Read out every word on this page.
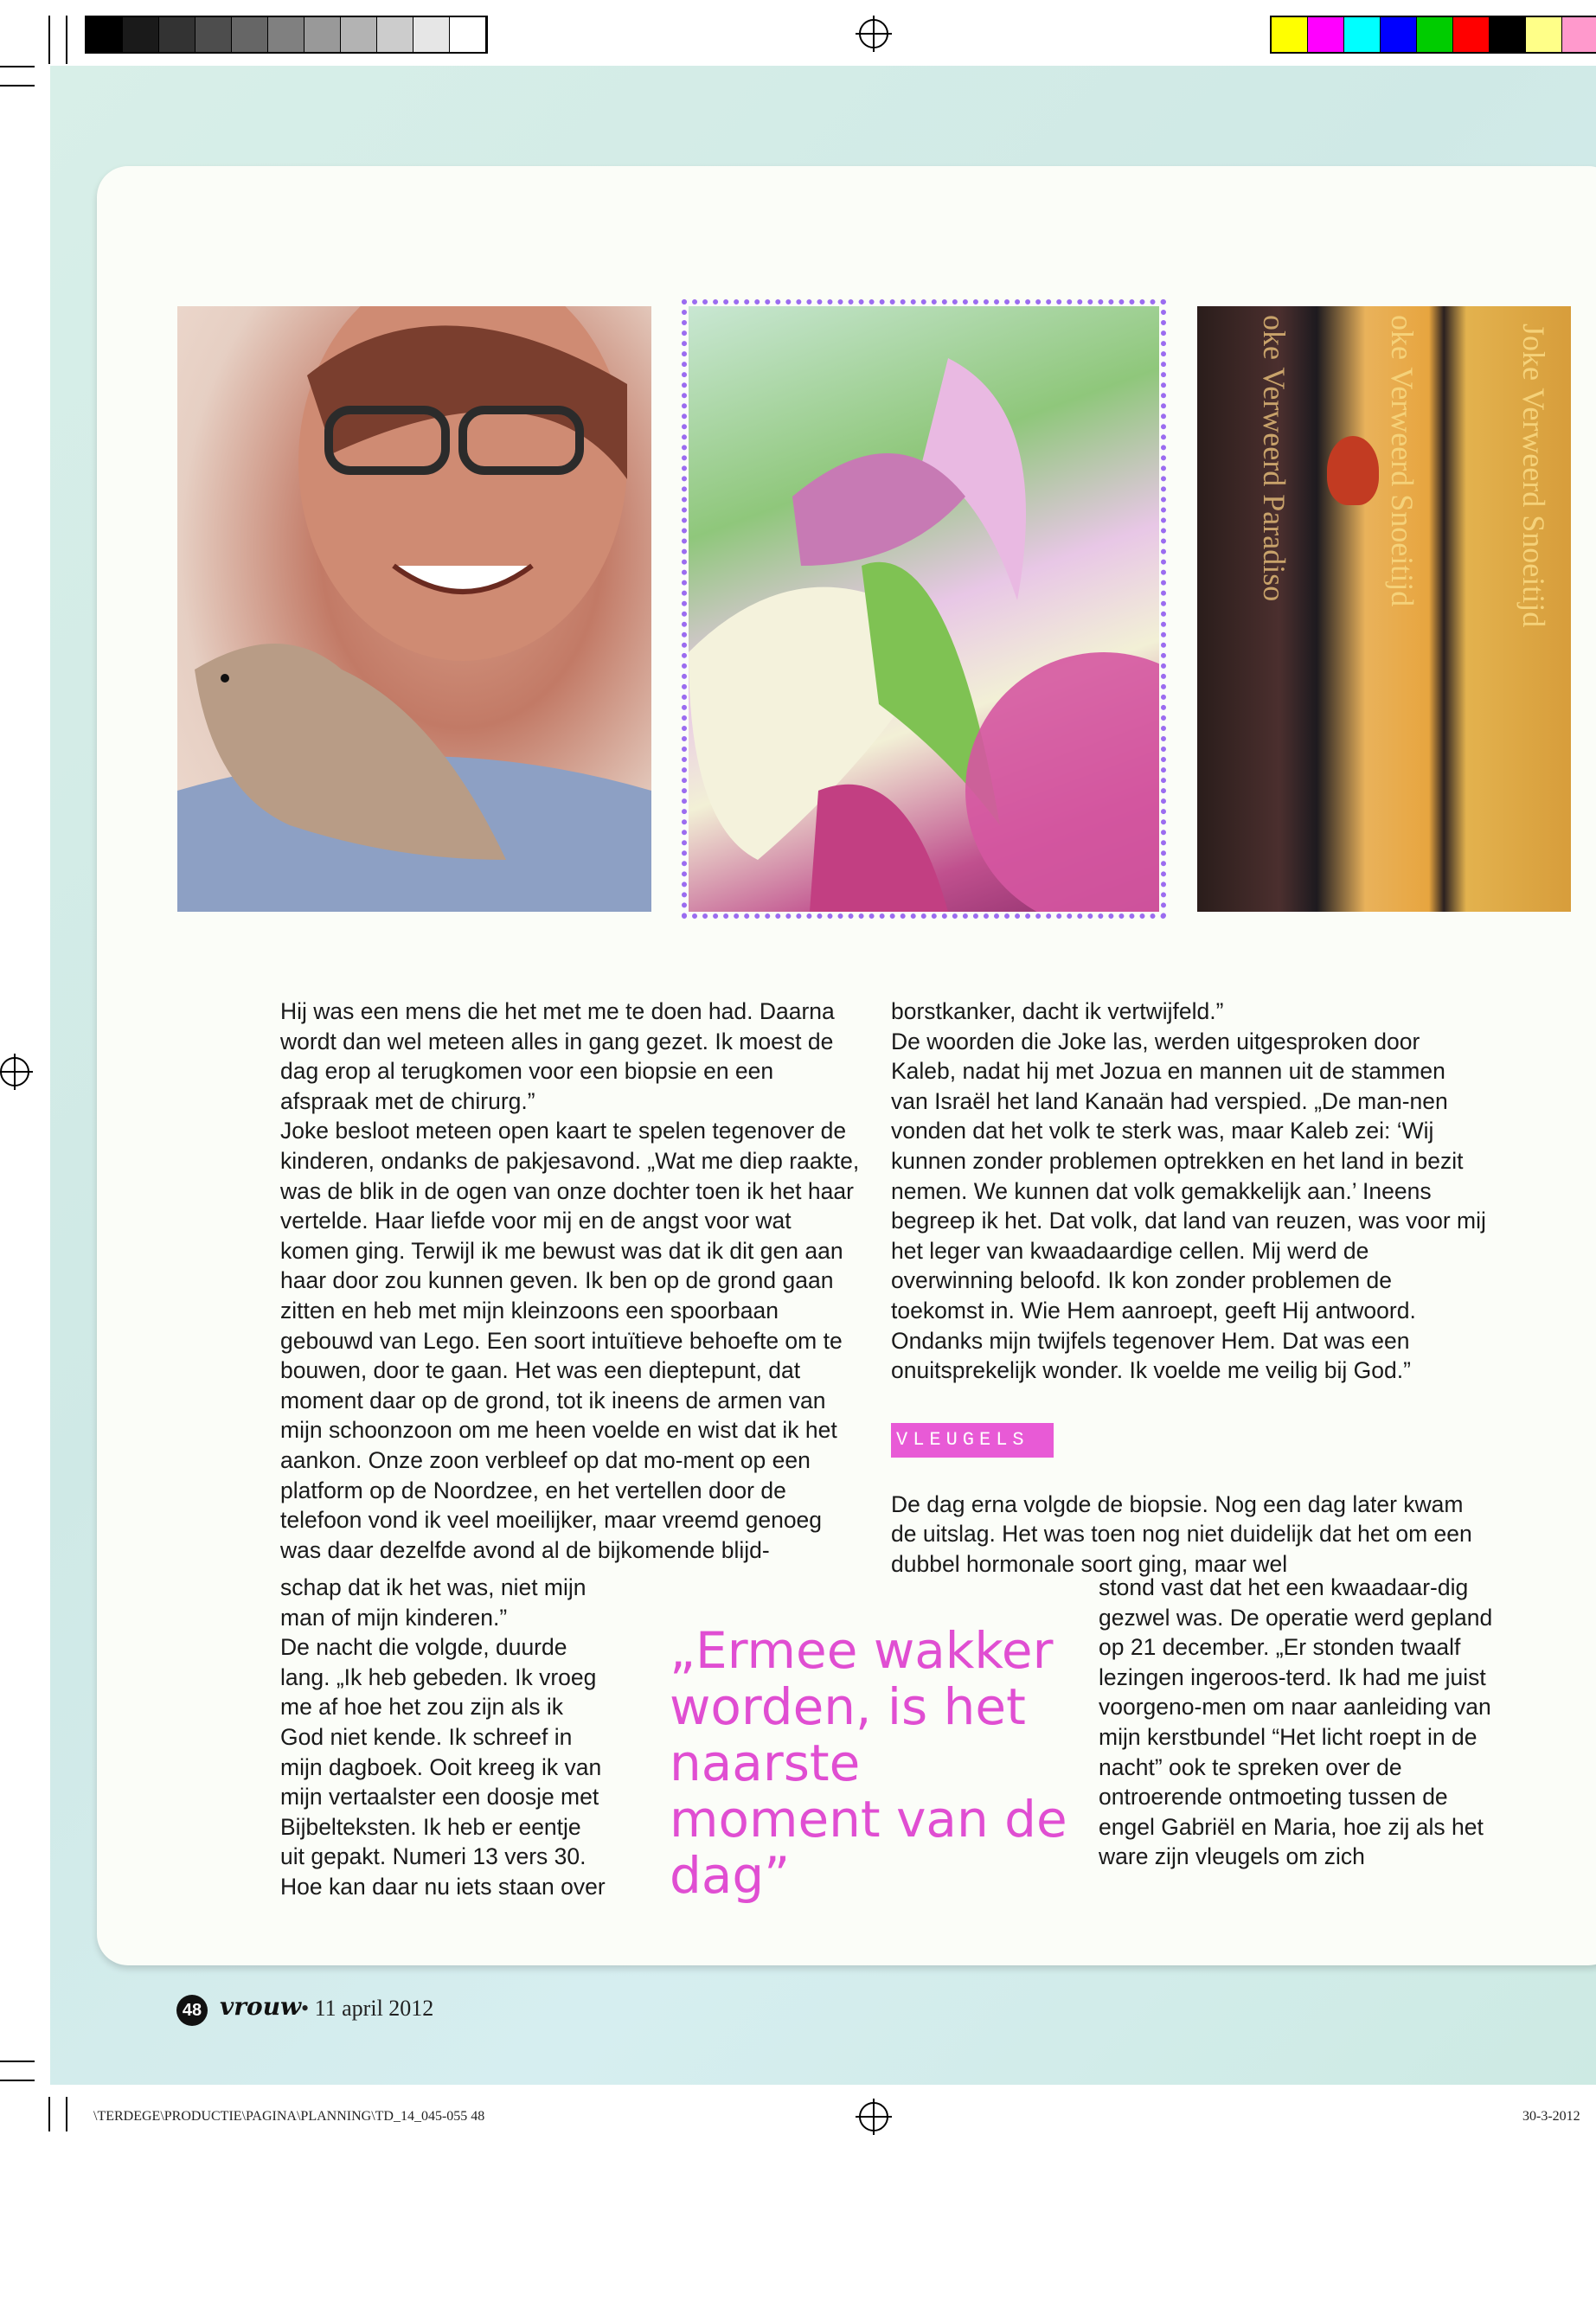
Joke Verweerd Snoeitijd
oke Verweerd Snoeitijd
oke Verweerd Paradiso

Hij was een mens die het met me te doen had. Daarna wordt dan wel meteen alles in gang gezet. Ik moest de dag erop al terugkomen voor een biopsie en een afspraak met de chirurg.”

Joke besloot meteen open kaart te spelen tegenover de kinderen, ondanks de pakjesavond. „Wat me diep raakte, was de blik in de ogen van onze dochter toen ik het haar vertelde. Haar liefde voor mij en de angst voor wat komen ging. Terwijl ik me bewust was dat ik dit gen aan haar door zou kunnen geven. Ik ben op de grond gaan zitten en heb met mijn kleinzoons een spoorbaan gebouwd van Lego. Een soort intuïtieve behoefte om te bouwen, door te gaan. Het was een dieptepunt, dat moment daar op de grond, tot ik ineens de armen van mijn schoonzoon om me heen voelde en wist dat ik het aankon. Onze zoon verbleef op dat mo-ment op een platform op de Noordzee, en het vertellen door de telefoon vond ik veel moeilijker, maar vreemd genoeg was daar dezelfde avond al de bijkomende blijd-

schap dat ik het was, niet mijn man of mijn kinderen.”

De nacht die volgde, duurde lang. „Ik heb gebeden. Ik vroeg me af hoe het zou zijn als ik God niet kende. Ik schreef in mijn dagboek. Ooit kreeg ik van mijn vertaalster een doosje met Bijbelteksten. Ik heb er eentje uit gepakt. Numeri 13 vers 30. Hoe kan daar nu iets staan over

borstkanker, dacht ik vertwijfeld.”

De woorden die Joke las, werden uitgesproken door Kaleb, nadat hij met Jozua en mannen uit de stammen van Israël het land Kanaän had verspied. „De man-nen vonden dat het volk te sterk was, maar Kaleb zei: ‘Wij kunnen zonder problemen optrekken en het land in bezit nemen. We kunnen dat volk gemakkelijk aan.’ Ineens begreep ik het. Dat volk, dat land van reuzen, was voor mij het leger van kwaadaardige cellen. Mij werd de overwinning beloofd. Ik kon zonder problemen de toekomst in. Wie Hem aanroept, geeft Hij antwoord. Ondanks mijn twijfels tegenover Hem. Dat was een onuitsprekelijk wonder. Ik voelde me veilig bij God.”

De dag erna volgde de biopsie. Nog een dag later kwam de uitslag. Het was toen nog niet duidelijk dat het om een dubbel hormonale soort ging, maar wel

VLEUGELS

stond vast dat het een kwaadaar-dig gezwel was. De operatie werd gepland op 21 december. „Er stonden twaalf lezingen ingeroos-terd. Ik had me juist voorgeno-men om naar aanleiding van mijn kerstbundel “Het licht roept in de nacht” ook te spreken over de ontroerende ontmoeting tussen de engel Gabriël en Maria, hoe zij als het ware zijn vleugels om zich

„Ermee wakker worden, is het naarste moment van de dag”
48 vrouw • 11 april 2012
\TERDEGE\PRODUCTIE\PAGINA\PLANNING\TD_14_045-055 48	30-3-2012
